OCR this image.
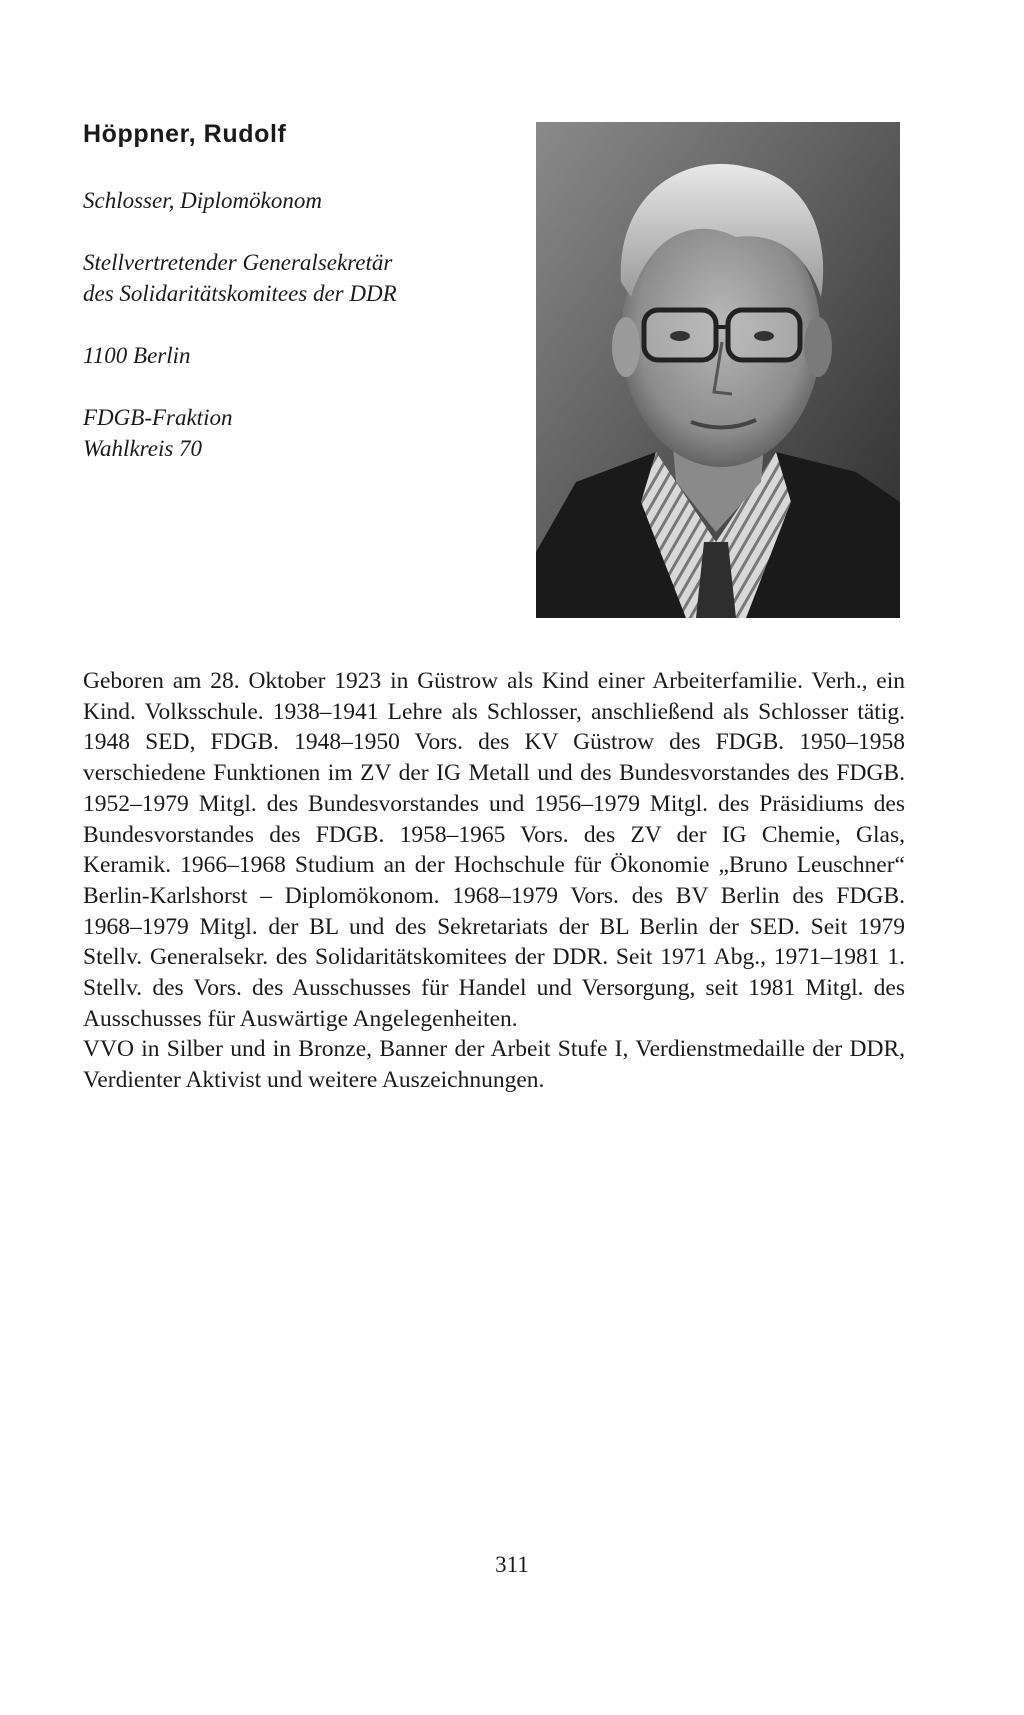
Höppner, Rudolf

Schlosser, Diplomökonom

Stellvertretender Generalsekretär
des Solidaritätskomitees der DDR

1100 Berlin

FDGB-Fraktion
Wahlkreis 70

Geboren am 28. Oktober 1923 in Güstrow als Kind einer Arbeiterfamilie. Verh., ein Kind. Volksschule. 1938–1941 Lehre als Schlosser, anschließend als Schlosser tätig. 1948 SED, FDGB. 1948–1950 Vors. des KV Güstrow des FDGB. 1950–1958 verschiedene Funktionen im ZV der IG Metall und des Bundesvorstandes des FDGB. 1952–1979 Mitgl. des Bundesvorstandes und 1956–1979 Mitgl. des Präsidiums des Bundesvorstandes des FDGB. 1958–1965 Vors. des ZV der IG Chemie, Glas, Keramik. 1966–1968 Studium an der Hochschule für Ökonomie „Bruno Leuschner“ Berlin-Karlshorst – Diplomökonom. 1968–1979 Vors. des BV Berlin des FDGB. 1968–1979 Mitgl. der BL und des Sekretariats der BL Berlin der SED. Seit 1979 Stellv. Generalsekr. des Solidaritätskomitees der DDR. Seit 1971 Abg., 1971–1981 1. Stellv. des Vors. des Ausschusses für Handel und Versorgung, seit 1981 Mitgl. des Ausschusses für Auswärtige Angelegenheiten.

VVO in Silber und in Bronze, Banner der Arbeit Stufe I, Verdienstmedaille der DDR, Verdienter Aktivist und weitere Auszeichnungen.

311
